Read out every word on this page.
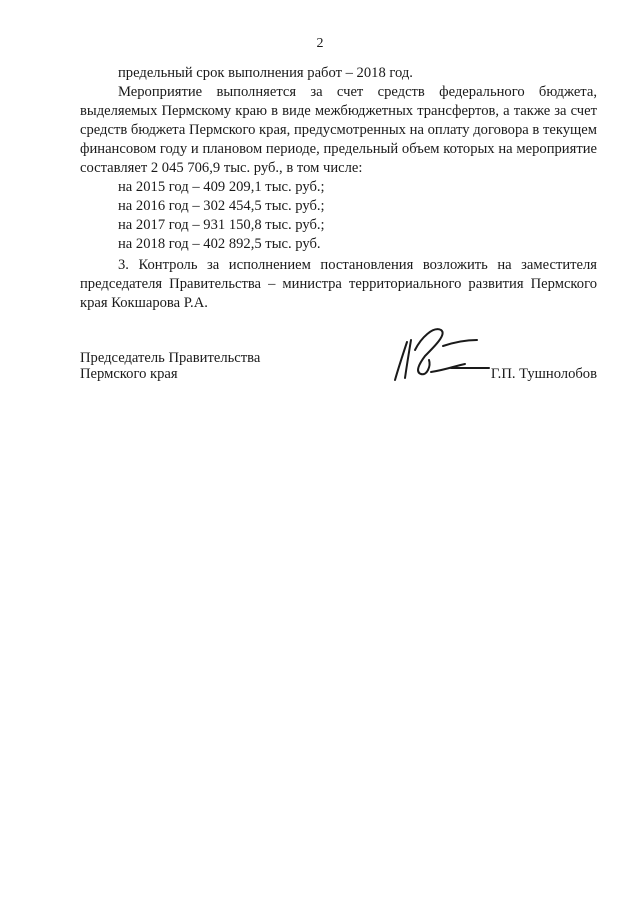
2

предельный срок выполнения работ – 2018 год.

Мероприятие выполняется за счет средств федерального бюджета, выделяемых Пермскому краю в виде межбюджетных трансфертов, а также за счет средств бюджета Пермского края, предусмотренных на оплату договора в текущем финансовом году и плановом периоде, предельный объем которых на мероприятие составляет 2 045 706,9 тыс. руб., в том числе:

на 2015 год – 409 209,1 тыс. руб.;

на 2016 год – 302 454,5 тыс. руб.;

на 2017 год – 931 150,8 тыс. руб.;

на 2018 год – 402 892,5 тыс. руб.

3. Контроль за исполнением постановления возложить на заместителя председателя Правительства – министра территориального развития Пермского края Кокшарова Р.А.

Председатель Правительства
Пермского края	Г.П. Тушнолобов
